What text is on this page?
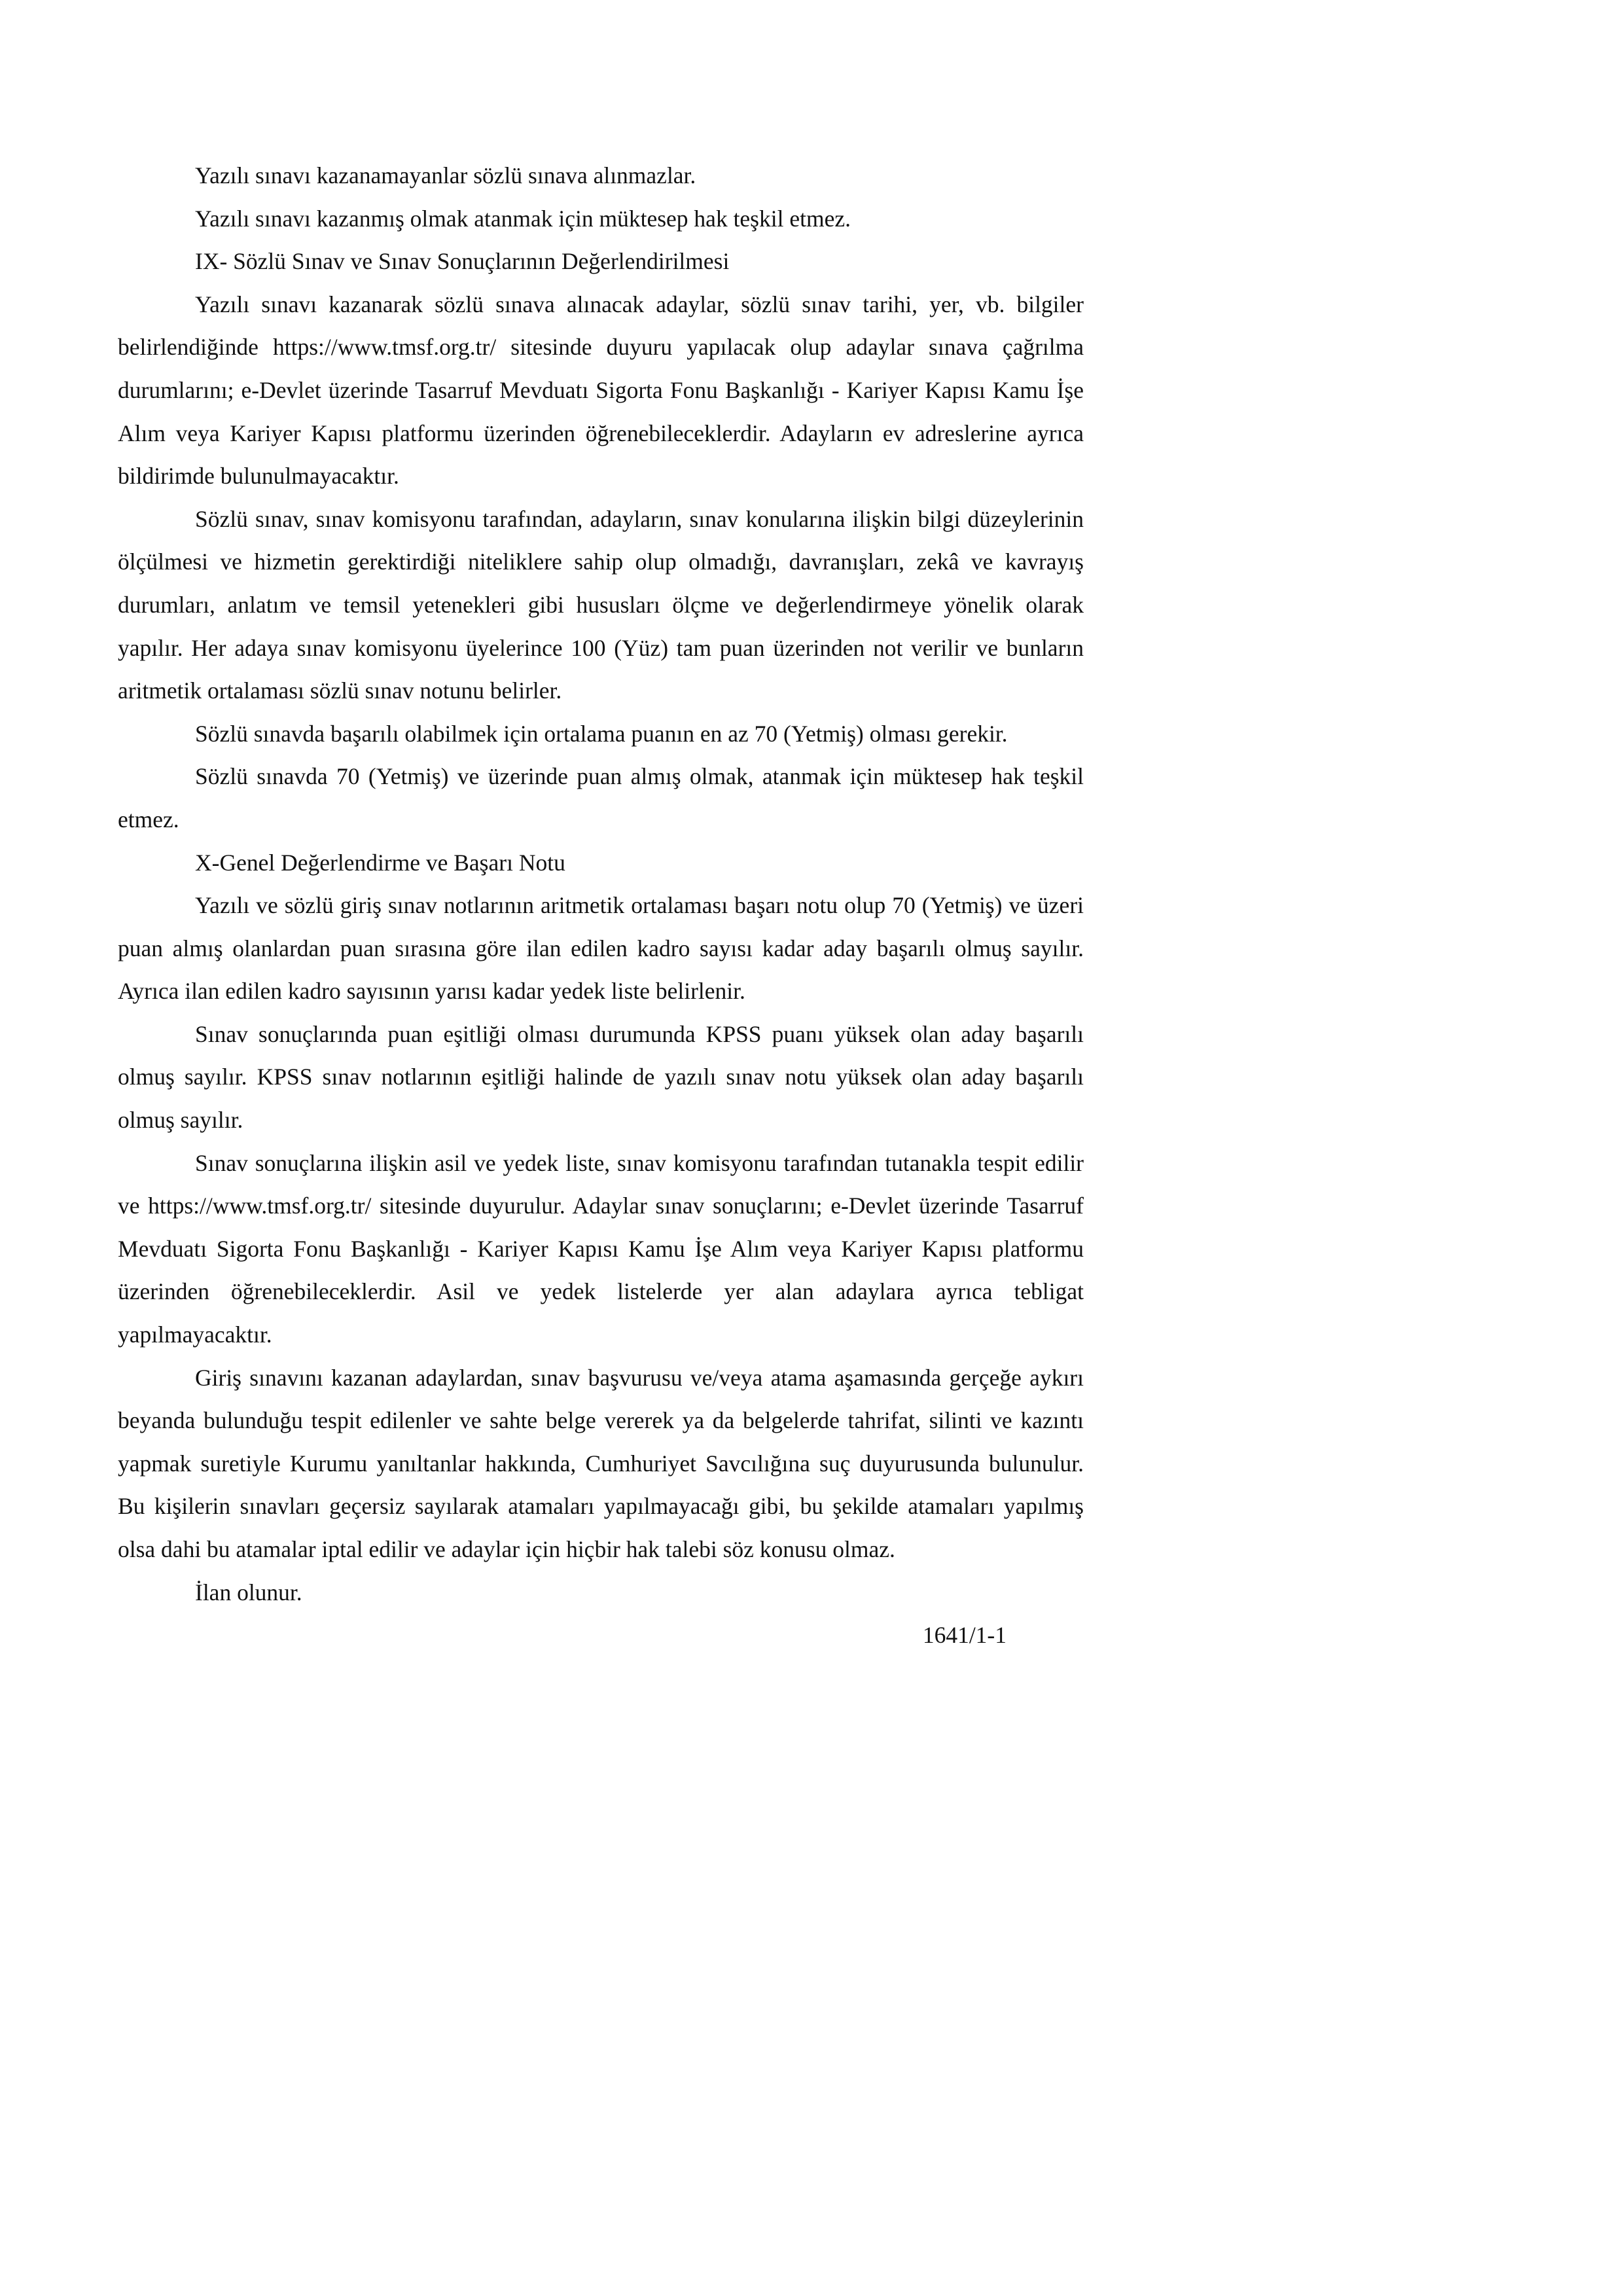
Yazılı sınavı kazanamayanlar sözlü sınava alınmazlar.

Yazılı sınavı kazanmış olmak atanmak için müktesep hak teşkil etmez.

IX- Sözlü Sınav ve Sınav Sonuçlarının Değerlendirilmesi

Yazılı sınavı kazanarak sözlü sınava alınacak adaylar, sözlü sınav tarihi, yer, vb. bilgiler belirlendiğinde https://www.tmsf.org.tr/ sitesinde duyuru yapılacak olup adaylar sınava çağrılma durumlarını; e-Devlet üzerinde Tasarruf Mevduatı Sigorta Fonu Başkanlığı - Kariyer Kapısı Kamu İşe Alım veya Kariyer Kapısı platformu üzerinden öğrenebileceklerdir. Adayların ev adreslerine ayrıca bildirimde bulunulmayacaktır.

Sözlü sınav, sınav komisyonu tarafından, adayların, sınav konularına ilişkin bilgi düzeylerinin ölçülmesi ve hizmetin gerektirdiği niteliklere sahip olup olmadığı, davranışları, zekâ ve kavrayış durumları, anlatım ve temsil yetenekleri gibi hususları ölçme ve değerlendirmeye yönelik olarak yapılır. Her adaya sınav komisyonu üyelerince 100 (Yüz) tam puan üzerinden not verilir ve bunların aritmetik ortalaması sözlü sınav notunu belirler.

Sözlü sınavda başarılı olabilmek için ortalama puanın en az 70 (Yetmiş) olması gerekir.

Sözlü sınavda 70 (Yetmiş) ve üzerinde puan almış olmak, atanmak için müktesep hak teşkil etmez.

X-Genel Değerlendirme ve Başarı Notu

Yazılı ve sözlü giriş sınav notlarının aritmetik ortalaması başarı notu olup 70 (Yetmiş) ve üzeri puan almış olanlardan puan sırasına göre ilan edilen kadro sayısı kadar aday başarılı olmuş sayılır. Ayrıca ilan edilen kadro sayısının yarısı kadar yedek liste belirlenir.

Sınav sonuçlarında puan eşitliği olması durumunda KPSS puanı yüksek olan aday başarılı olmuş sayılır. KPSS sınav notlarının eşitliği halinde de yazılı sınav notu yüksek olan aday başarılı olmuş sayılır.

Sınav sonuçlarına ilişkin asil ve yedek liste, sınav komisyonu tarafından tutanakla tespit edilir ve https://www.tmsf.org.tr/ sitesinde duyurulur. Adaylar sınav sonuçlarını; e-Devlet üzerinde Tasarruf Mevduatı Sigorta Fonu Başkanlığı - Kariyer Kapısı Kamu İşe Alım veya Kariyer Kapısı platformu üzerinden öğrenebileceklerdir. Asil ve yedek listelerde yer alan adaylara ayrıca tebligat yapılmayacaktır.

Giriş sınavını kazanan adaylardan, sınav başvurusu ve/veya atama aşamasında gerçeğe aykırı beyanda bulunduğu tespit edilenler ve sahte belge vererek ya da belgelerde tahrifat, silinti ve kazıntı yapmak suretiyle Kurumu yanıltanlar hakkında, Cumhuriyet Savcılığına suç duyurusunda bulunulur. Bu kişilerin sınavları geçersiz sayılarak atamaları yapılmayacağı gibi, bu şekilde atamaları yapılmış olsa dahi bu atamalar iptal edilir ve adaylar için hiçbir hak talebi söz konusu olmaz.

İlan olunur.

1641/1-1
